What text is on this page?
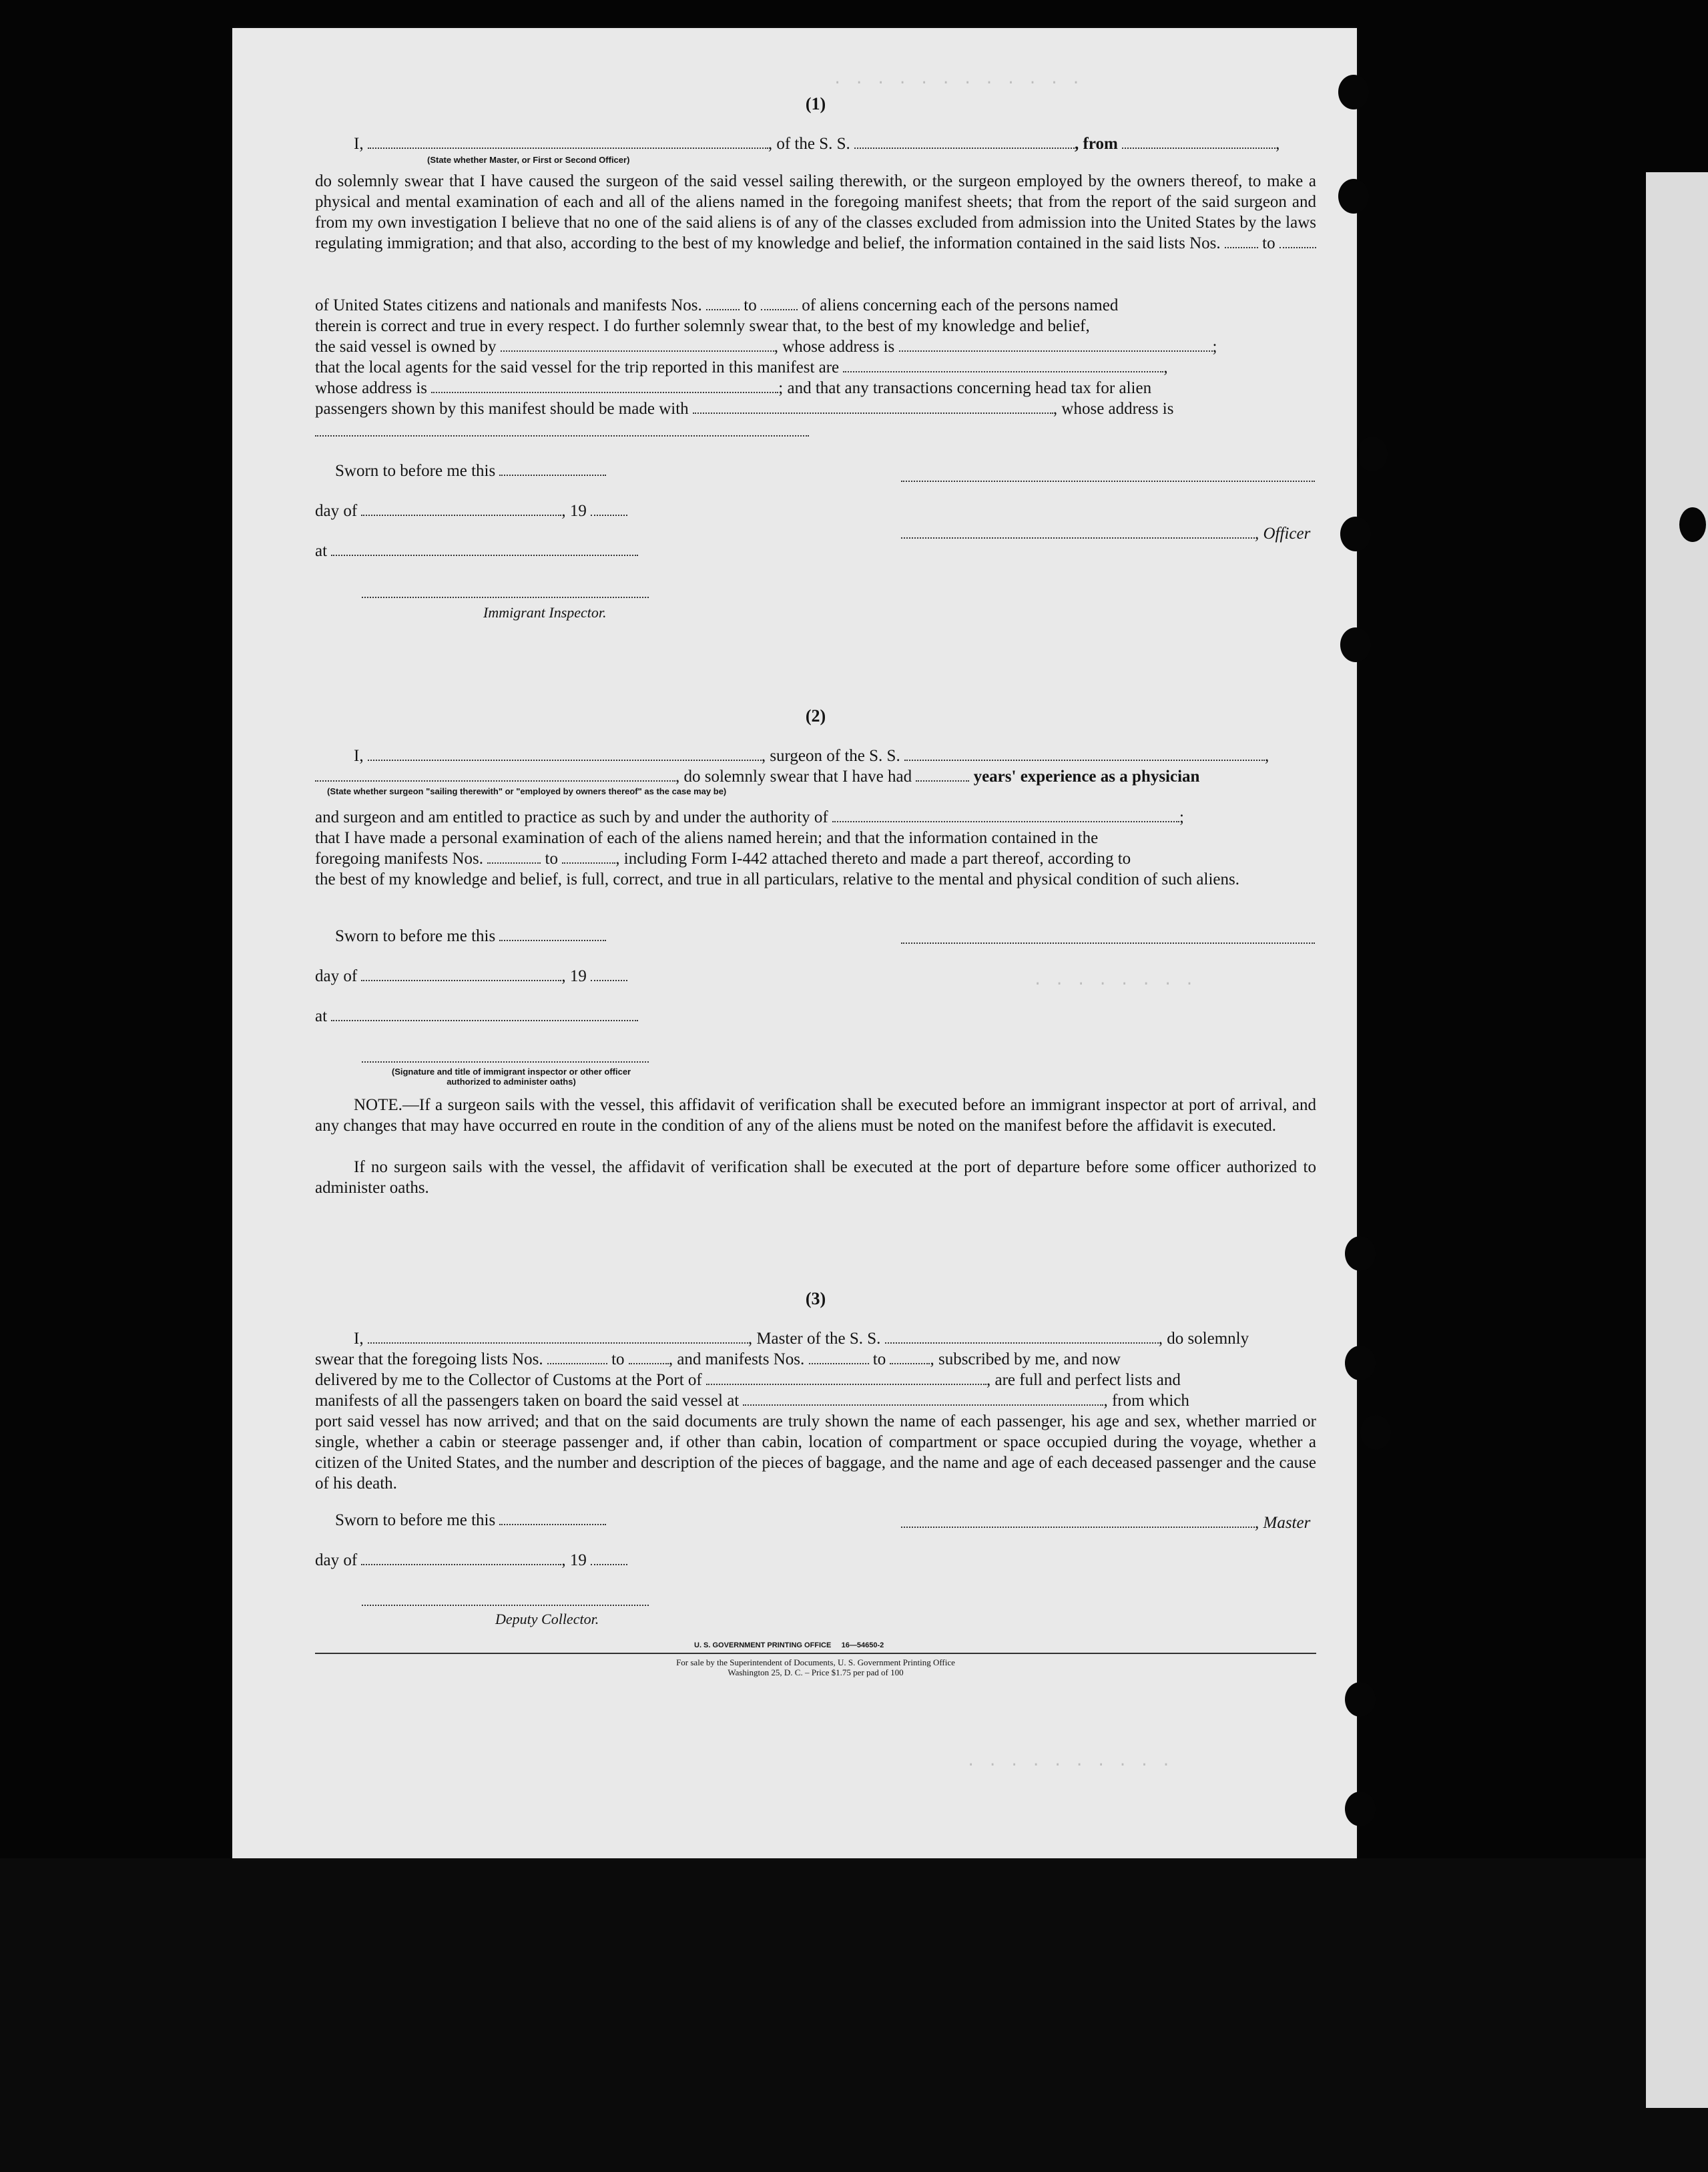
· · · · · · · · · · · ·
· · · · · · · ·
· · · · · · · · · ·
(1)
I,	, of the S. S.	, from	,
(State whether Master, or First or Second Officer)
do solemnly swear that I have caused the surgeon of the said vessel sailing therewith, or the surgeon employed by the owners thereof, to make a physical and mental examination of each and all of the aliens named in the foregoing manifest sheets; that from the report of the said surgeon and from my own investigation I believe that no one of the said aliens is of any of the classes excluded from admission into the United States by the laws regulating immigration; and that also, according to the best of my knowledge and belief, the information contained in the said lists Nos.	to
of United States citizens and nationals and manifests Nos.	to	of aliens concerning each of the persons named
therein is correct and true in every respect. I do further solemnly swear that, to the best of my knowledge and belief,
the said vessel is owned by	, whose address is	;
that the local agents for the said vessel for the trip reported in this manifest are	,
whose address is	; and that any transactions concerning head tax for alien
passengers shown by this manifest should be made with	, whose address is
Sworn to before me this
day of	, 19
, Officer
at
Immigrant Inspector.
(2)
I,	, surgeon of the S. S.	,
, do solemnly swear that I have had	years' experience as a physician
(State whether surgeon "sailing therewith" or "employed by owners thereof" as the case may be)
and surgeon and am entitled to practice as such by and under the authority of	;
that I have made a personal examination of each of the aliens named herein; and that the information contained in the
foregoing manifests Nos.	to	, including Form I-442 attached thereto and made a part thereof, according to
the best of my knowledge and belief, is full, correct, and true in all particulars, relative to the mental and physical condition of such aliens.
Sworn to before me this
day of	, 19
at
(Signature and title of immigrant inspector or other officer authorized to administer oaths)
NOTE.—If a surgeon sails with the vessel, this affidavit of verification shall be executed before an immigrant inspector at port of arrival, and any changes that may have occurred en route in the condition of any of the aliens must be noted on the manifest before the affidavit is executed.
If no surgeon sails with the vessel, the affidavit of verification shall be executed at the port of departure before some officer authorized to administer oaths.
(3)
I,	, Master of the S. S.	, do solemnly
swear that the foregoing lists Nos.	to	, and manifests Nos.	to	, subscribed by me, and now
delivered by me to the Collector of Customs at the Port of	, are full and perfect lists and
manifests of all the passengers taken on board the said vessel at	, from which
port said vessel has now arrived; and that on the said documents are truly shown the name of each passenger, his age and sex, whether married or single, whether a cabin or steerage passenger and, if other than cabin, location of compartment or space occupied during the voyage, whether a citizen of the United States, and the number and description of the pieces of baggage, and the name and age of each deceased passenger and the cause of his death.
Sworn to before me this	, Master
day of	, 19
Deputy Collector.
U. S. GOVERNMENT PRINTING OFFICE     16—54650-2
For sale by the Superintendent of Documents, U. S. Government Printing Office
Washington 25, D. C. – Price $1.75 per pad of 100
